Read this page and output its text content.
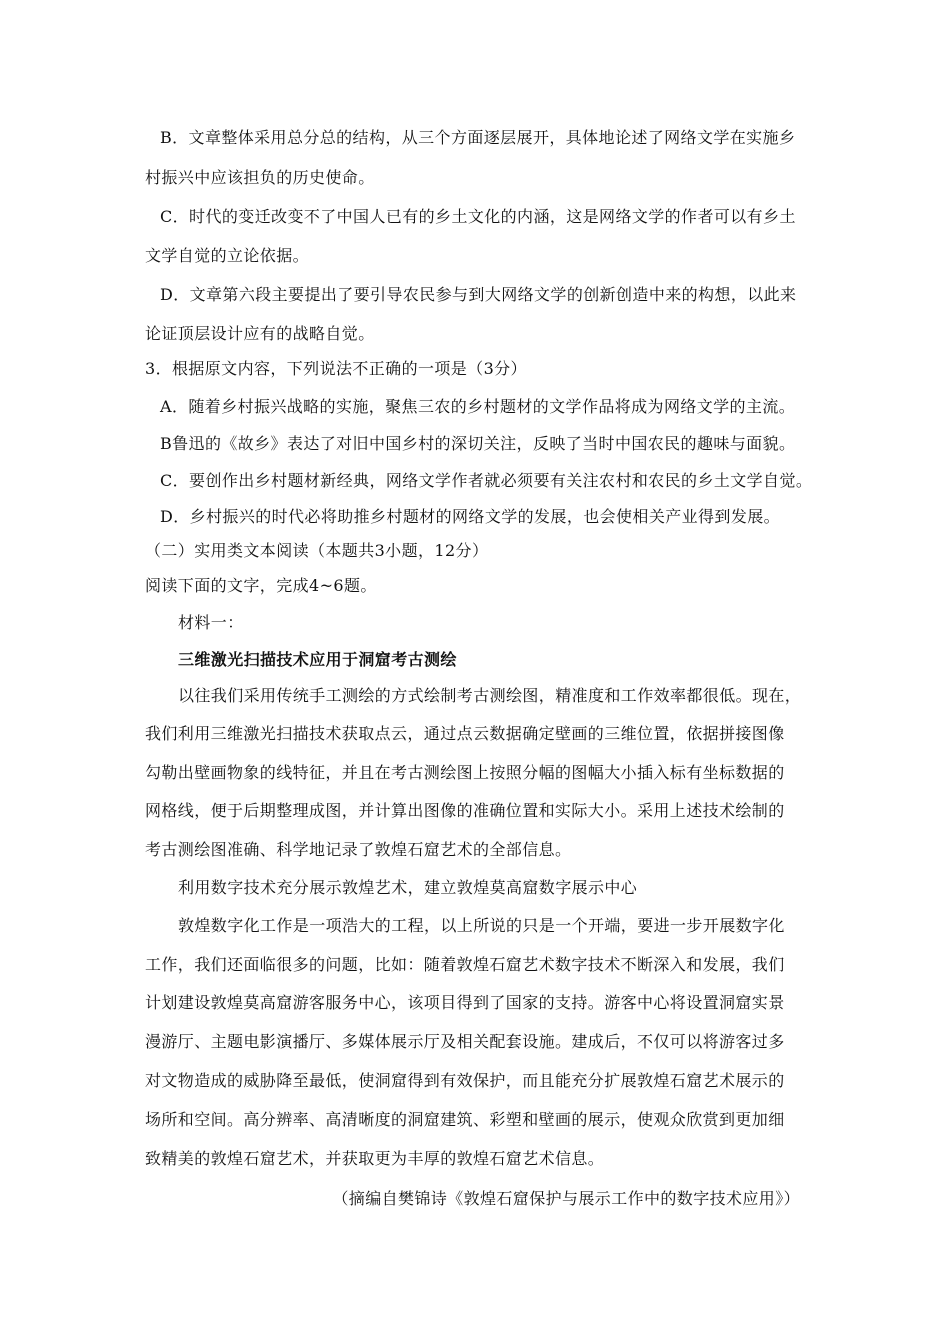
B．文章整体采用总分总的结构，从三个方面逐层展开，具体地论述了网络文学在实施乡

村振兴中应该担负的历史使命。

C．时代的变迁改变不了中国人已有的乡土文化的内涵，这是网络文学的作者可以有乡土

文学自觉的立论依据。

D．文章第六段主要提出了要引导农民参与到大网络文学的创新创造中来的构想，以此来

论证顶层设计应有的战略自觉。

3．根据原文内容，下列说法不正确的一项是（3分）

A．随着乡村振兴战略的实施，聚焦三农的乡村题材的文学作品将成为网络文学的主流。

B鲁迅的《故乡》表达了对旧中国乡村的深切关注，反映了当时中国农民的趣味与面貌。

C．要创作出乡村题材新经典，网络文学作者就必须要有关注农村和农民的乡土文学自觉。

D．乡村振兴的时代必将助推乡村题材的网络文学的发展，也会使相关产业得到发展。

（二）实用类文本阅读（本题共3小题，12分）

阅读下面的文字，完成4~6题。

材料一：

三维激光扫描技术应用于洞窟考古测绘

以往我们采用传统手工测绘的方式绘制考古测绘图，精准度和工作效率都很低。现在，

我们利用三维激光扫描技术获取点云，通过点云数据确定壁画的三维位置，依据拼接图像

勾勒出壁画物象的线特征，并且在考古测绘图上按照分幅的图幅大小插入标有坐标数据的

网格线，便于后期整理成图，并计算出图像的准确位置和实际大小。采用上述技术绘制的

考古测绘图准确、科学地记录了敦煌石窟艺术的全部信息。

利用数字技术充分展示敦煌艺术，建立敦煌莫高窟数字展示中心

敦煌数字化工作是一项浩大的工程，以上所说的只是一个开端，要进一步开展数字化

工作，我们还面临很多的问题，比如：随着敦煌石窟艺术数字技术不断深入和发展，我们

计划建设敦煌莫高窟游客服务中心，该项目得到了国家的支持。游客中心将设置洞窟实景

漫游厅、主题电影演播厅、多媒体展示厅及相关配套设施。建成后，不仅可以将游客过多

对文物造成的威胁降至最低，使洞窟得到有效保护，而且能充分扩展敦煌石窟艺术展示的

场所和空间。高分辨率、高清晰度的洞窟建筑、彩塑和壁画的展示，使观众欣赏到更加细

致精美的敦煌石窟艺术，并获取更为丰厚的敦煌石窟艺术信息。

（摘编自樊锦诗《敦煌石窟保护与展示工作中的数字技术应用》）
